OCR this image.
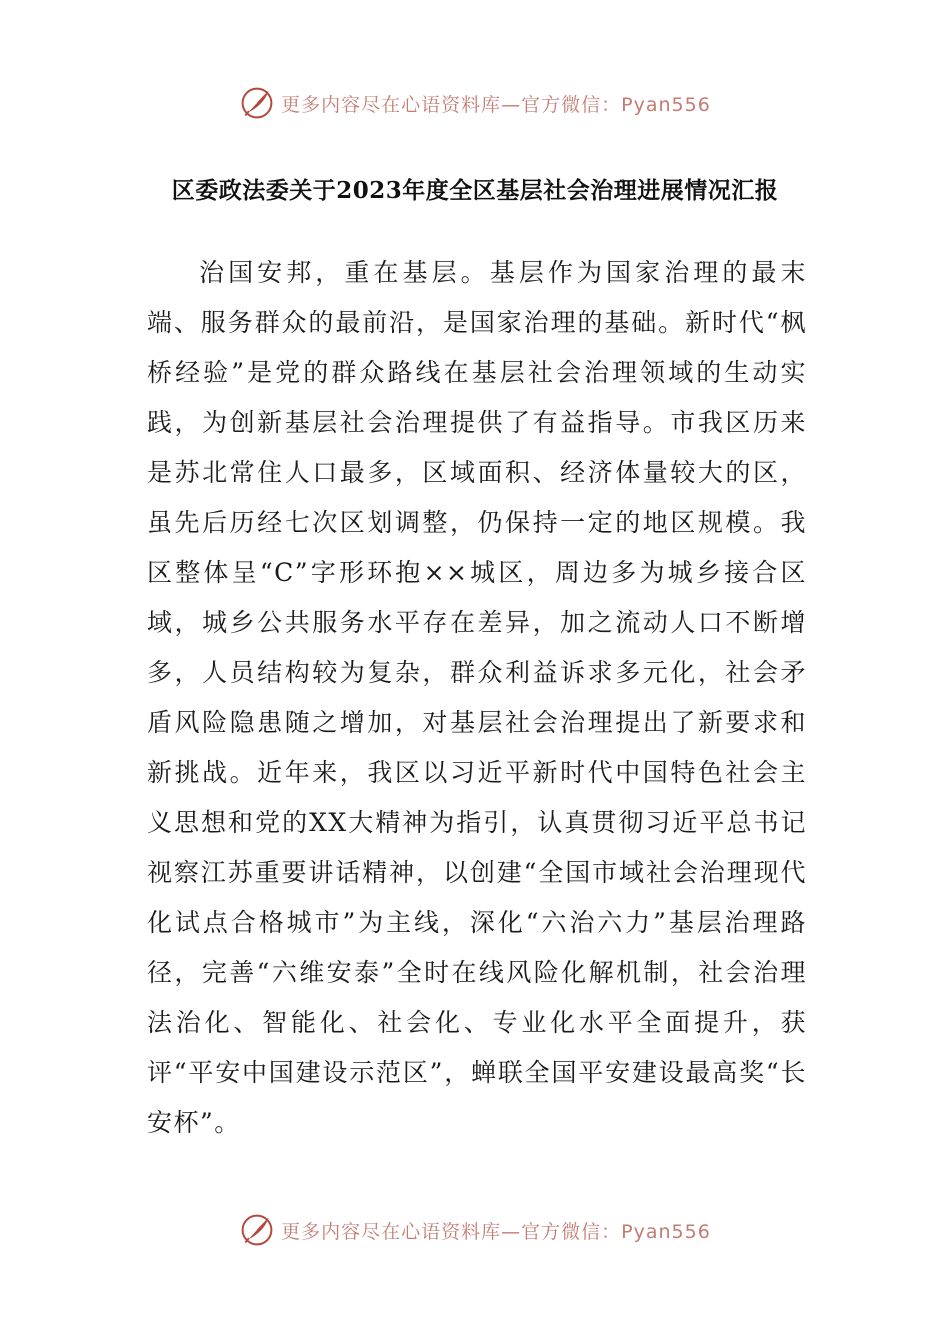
更多内容尽在心语资料库—官方微信：Pyan556
区委政法委关于2023年度全区基层社会治理进展情况汇报

治国安邦，重在基层。基层作为国家治理的最末端、服务群众的最前沿，是国家治理的基础。新时代“枫桥经验”是党的群众路线在基层社会治理领域的生动实践，为创新基层社会治理提供了有益指导。市我区历来是苏北常住人口最多，区域面积、经济体量较大的区，虽先后历经七次区划调整，仍保持一定的地区规模。我区整体呈“C”字形环抱××城区，周边多为城乡接合区域，城乡公共服务水平存在差异，加之流动人口不断增多，人员结构较为复杂，群众利益诉求多元化，社会矛盾风险隐患随之增加，对基层社会治理提出了新要求和新挑战。近年来，我区以习近平新时代中国特色社会主义思想和党的XX大精神为指引，认真贯彻习近平总书记视察江苏重要讲话精神，以创建“全国市域社会治理现代化试点合格城市”为主线，深化“六治六力”基层治理路径，完善“六维安泰”全时在线风险化解机制，社会治理法治化、智能化、社会化、专业化水平全面提升，获评“平安中国建设示范区”，蝉联全国平安建设最高奖“长安杯”。

更多内容尽在心语资料库—官方微信：Pyan556
